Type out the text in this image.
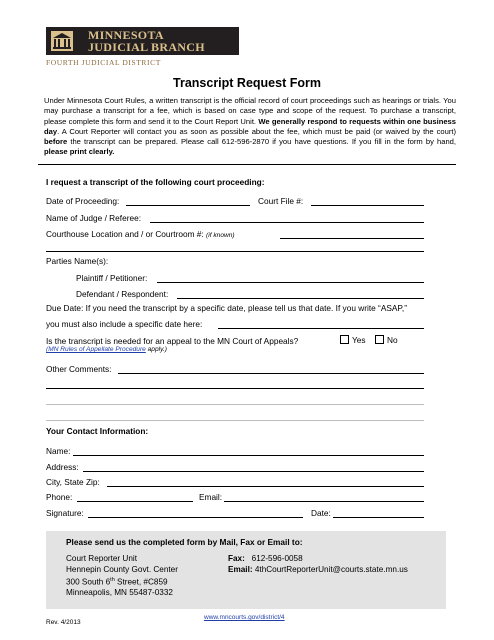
MINNESOTA
JUDICIAL BRANCH
FOURTH JUDICIAL DISTRICT
Transcript Request Form
Under Minnesota Court Rules, a written transcript is the official record of court proceedings such as hearings or trials. You may purchase a transcript for a fee, which is based on case type and scope of the request. To purchase a transcript, please complete this form and send it to the Court Report Unit. We generally respond to requests within one business day. A Court Reporter will contact you as soon as possible about the fee, which must be paid (or waived by the court) before the transcript can be prepared. Please call 612-596-2870 if you have questions. If you fill in the form by hand, please print clearly.
I request a transcript of the following court proceeding:
Date of Proceeding:	Court File #:
Name of Judge / Referee:
Courthouse Location and / or Courtroom #: (if known)
Parties Name(s):
Plaintiff / Petitioner:
Defendant / Respondent:
Due Date: If you need the transcript by a specific date, please tell us that date. If you write “ASAP,”
you must also include a specific date here:
Is the transcript is needed for an appeal to the MN Court of Appeals?	Yes	No
(MN Rules of Appellate Procedure apply.)
Other Comments:
Your Contact Information:
Name:
Address:
City, State Zip:
Phone:	Email:
Signature:	Date:
Please send us the completed form by Mail, Fax or Email to:
Court Reporter Unit
Hennepin County Govt. Center
300 South 6th Street, #C859
Minneapolis, MN 55487-0332
Fax: 612-596-0058
Email: 4thCourtReporterUnit@courts.state.mn.us
Rev. 4/2013
www.mncourts.gov/district/4
